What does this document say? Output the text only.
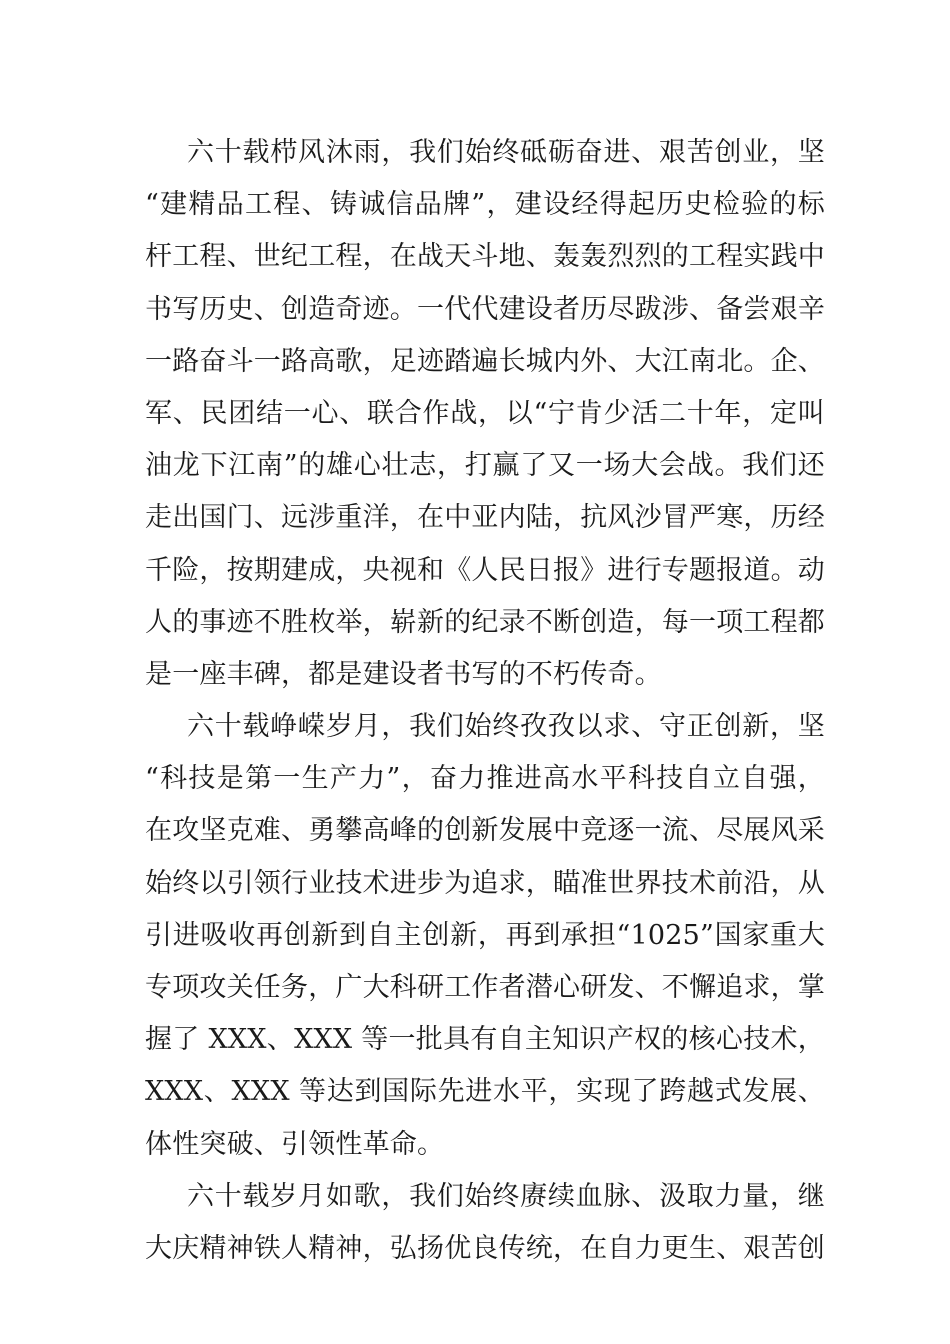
六十载栉风沐雨，我们始终砥砺奋进、艰苦创业，坚
“建精品工程、铸诚信品牌”，建设经得起历史检验的标
杆工程、世纪工程，在战天斗地、轰轰烈烈的工程实践中
书写历史、创造奇迹。一代代建设者历尽跋涉、备尝艰辛
一路奋斗一路高歌，足迹踏遍长城内外、大江南北。企、
军、民团结一心、联合作战，以“宁肯少活二十年，定叫
油龙下江南”的雄心壮志，打赢了又一场大会战。我们还
走出国门、远涉重洋，在中亚内陆，抗风沙冒严寒，历经
千险，按期建成，央视和《人民日报》进行专题报道。动
人的事迹不胜枚举，崭新的纪录不断创造，每一项工程都
是一座丰碑，都是建设者书写的不朽传奇。
六十载峥嵘岁月，我们始终孜孜以求、守正创新，坚
“科技是第一生产力”，奋力推进高水平科技自立自强，
在攻坚克难、勇攀高峰的创新发展中竞逐一流、尽展风采
始终以引领行业技术进步为追求，瞄准世界技术前沿，从
引进吸收再创新到自主创新，再到承担“1025”国家重大
专项攻关任务，广大科研工作者潜心研发、不懈追求，掌
握了 XXX、XXX 等一批具有自主知识产权的核心技术，
XXX、XXX 等达到国际先进水平，实现了跨越式发展、
体性突破、引领性革命。
六十载岁月如歌，我们始终赓续血脉、汲取力量，继
大庆精神铁人精神，弘扬优良传统，在自力更生、艰苦创
